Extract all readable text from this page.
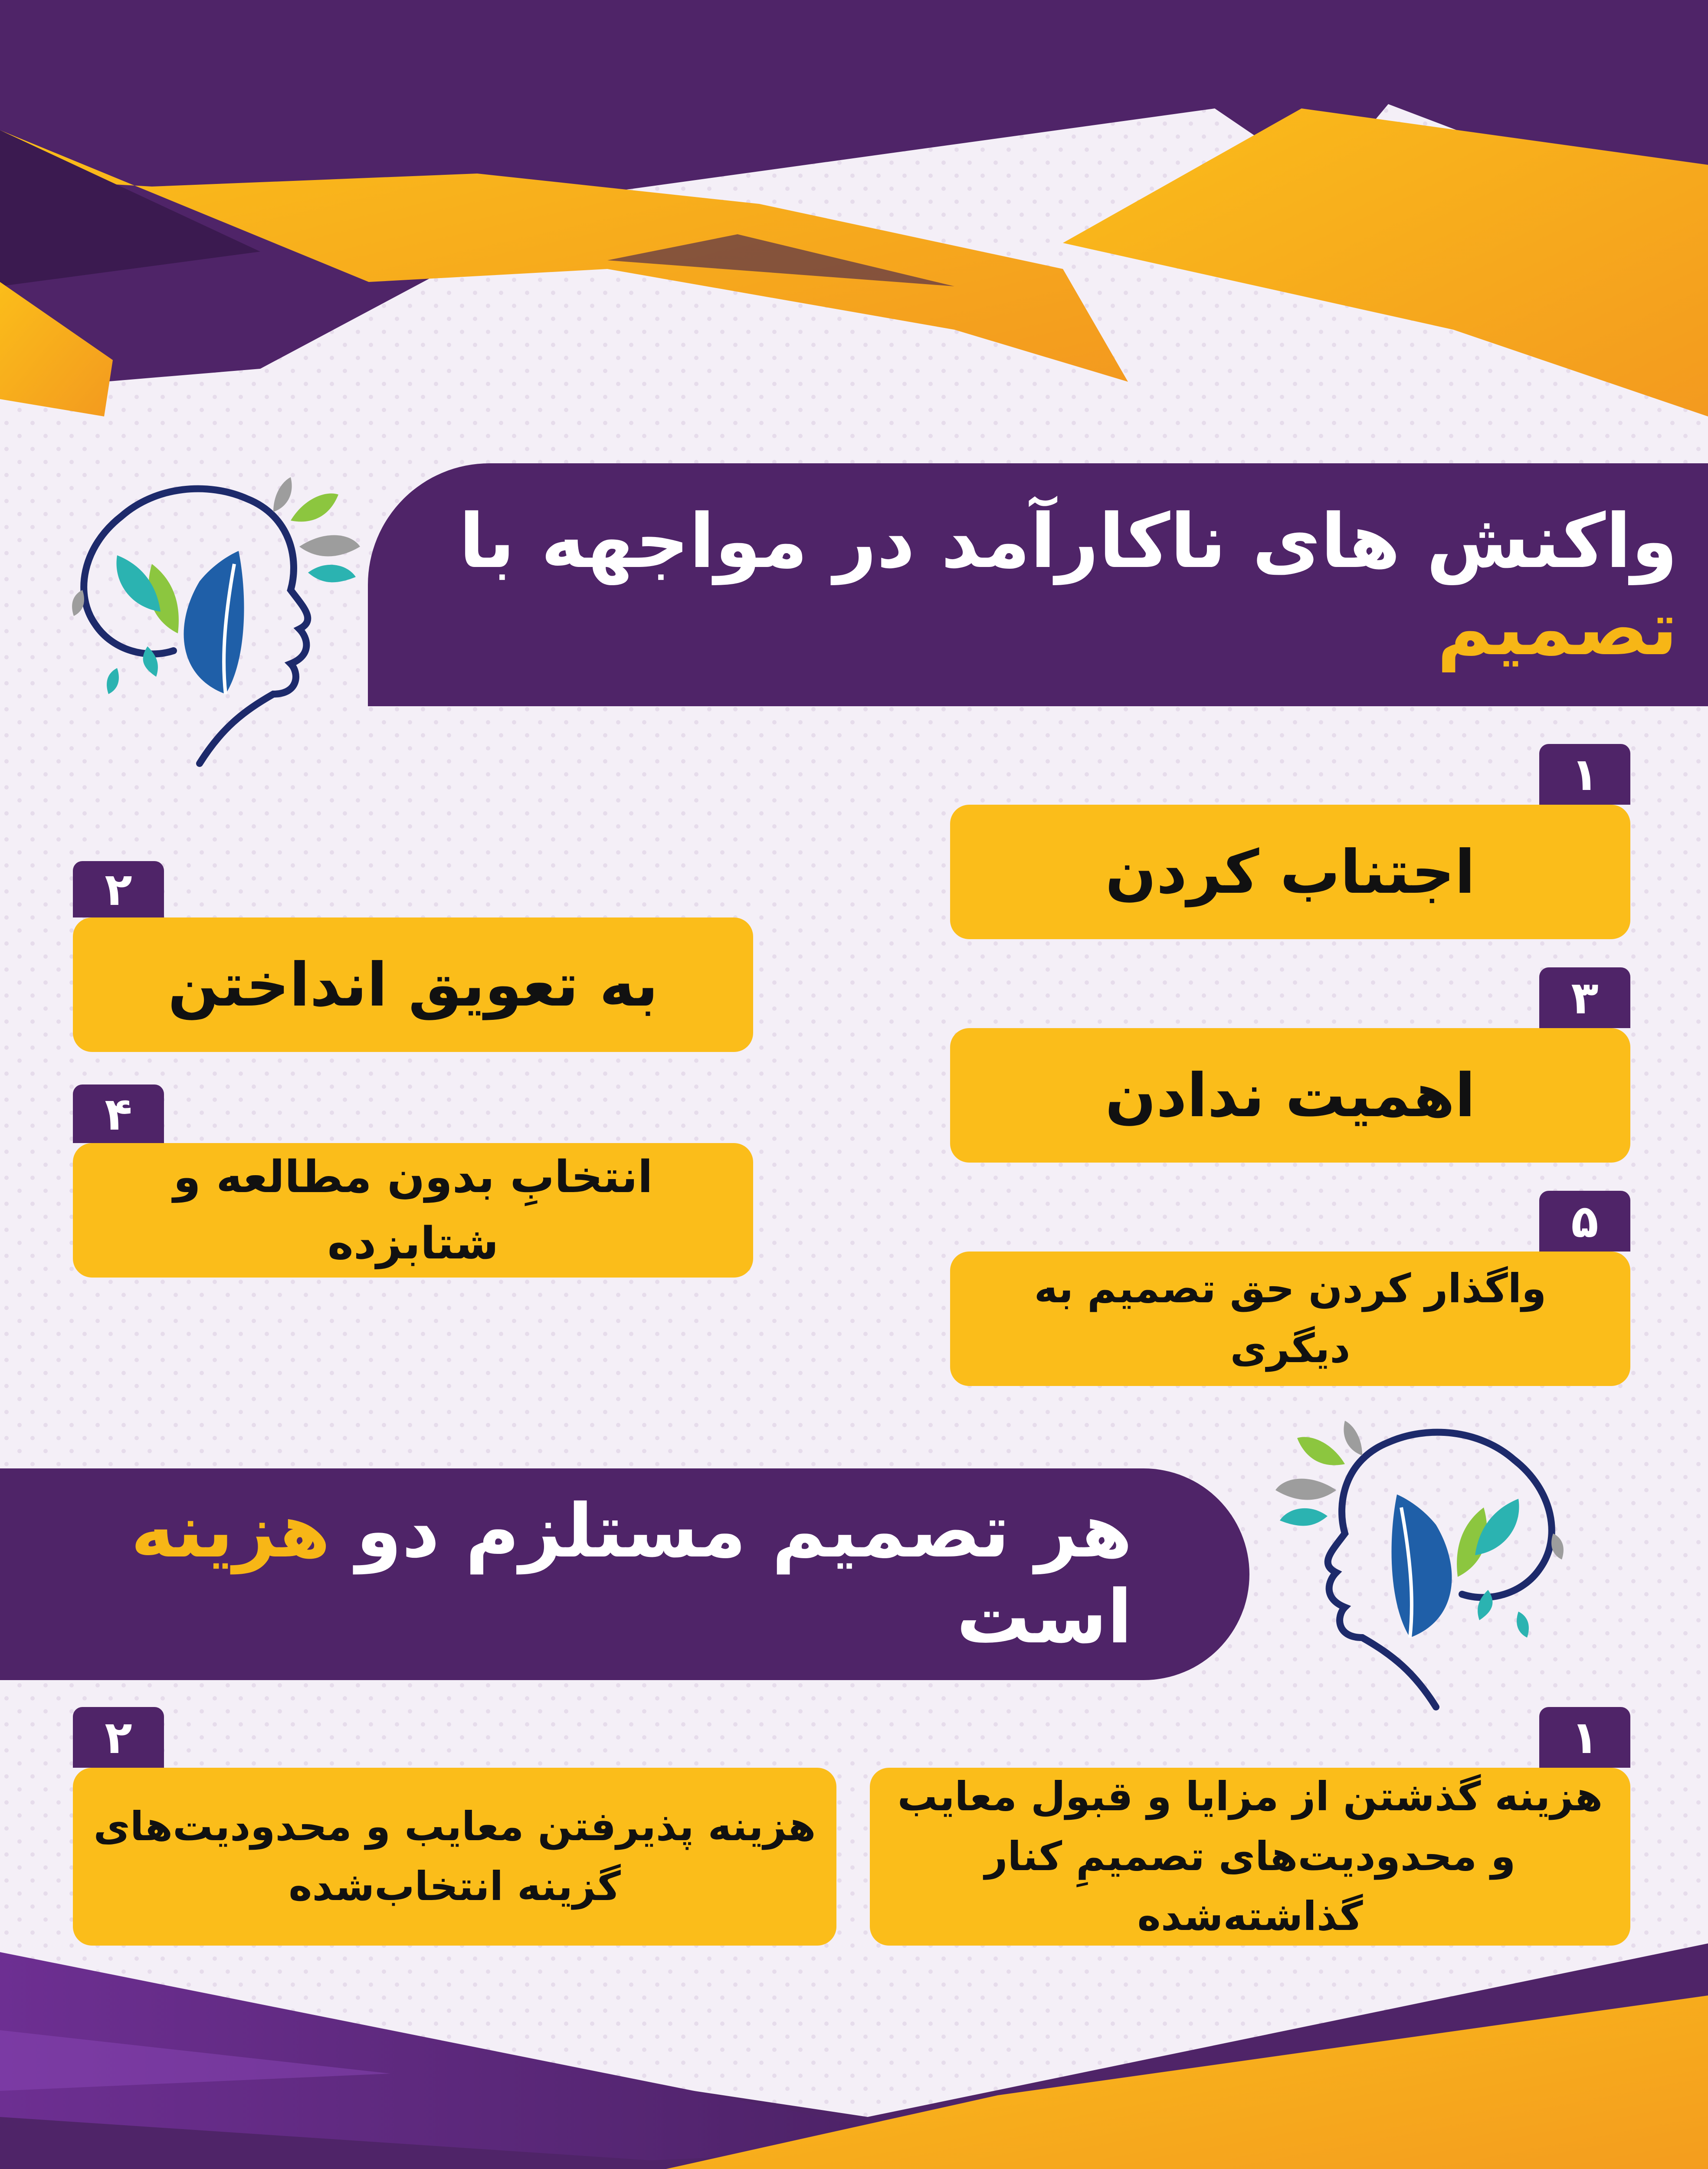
واکنش های ناکارآمد در مواجهه با تصمیم
۱
اجتناب کردن
۲
به تعویق انداختن	۳
اهمیت ندادن
۴
انتخابِ بدون مطالعه و شتابزده	۵
واگذار کردن حق تصمیم به دیگری
هر تصمیم مستلزم دو هزینه است
۱
هزینه گذشتن از مزایا و قبول معایب و محدودیت‌های تصمیمِ کنار گذاشته‌شده
۲
هزینه‌ پذیرفتن معایب و محدودیت‌های گزینه انتخاب‌شده
